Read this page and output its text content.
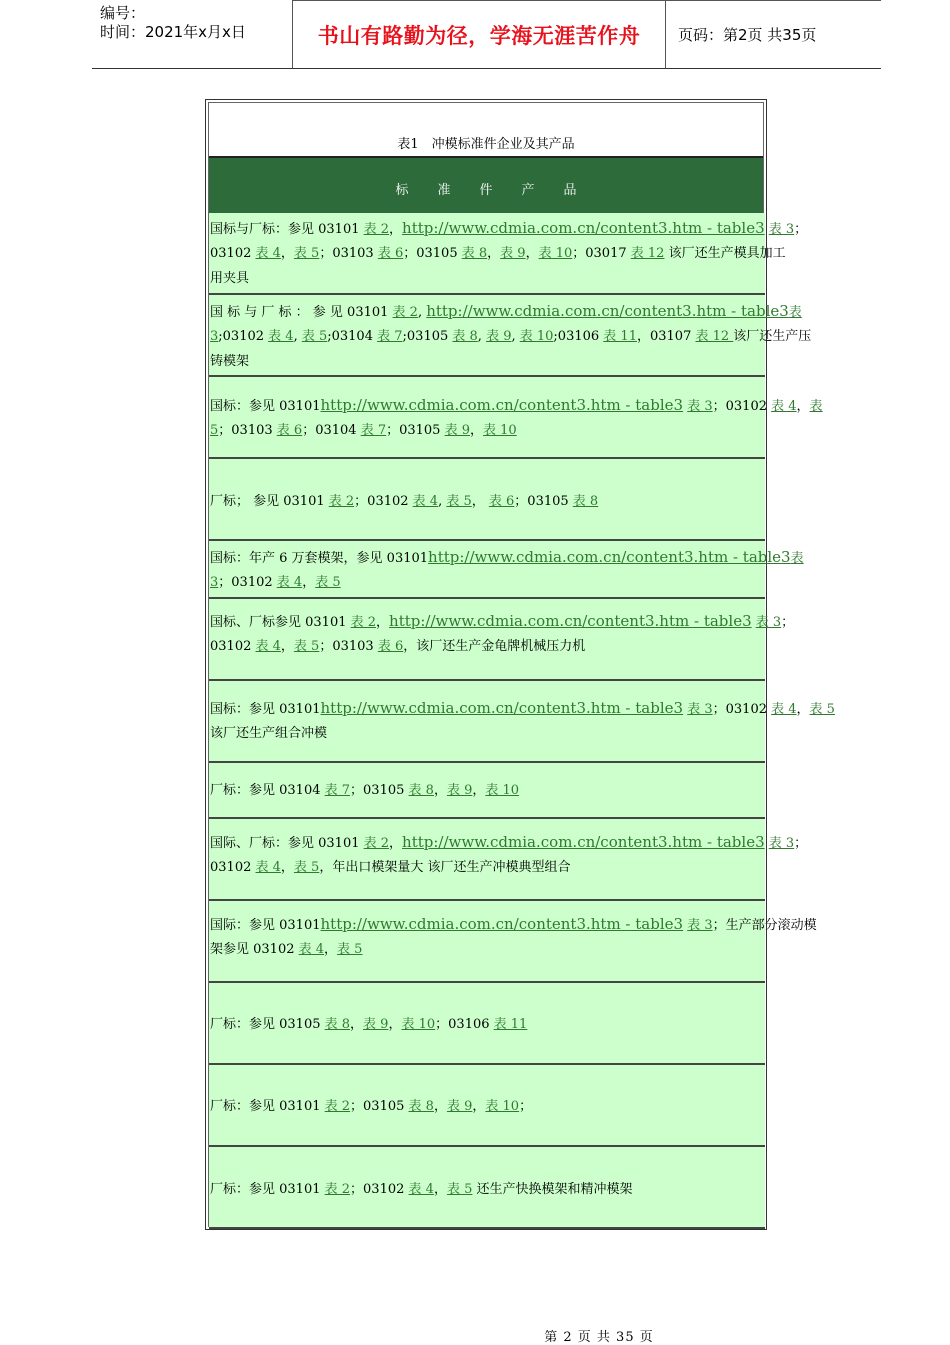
编号：
时间：2021年x月x日	书山有路勤为径，学海无涯苦作舟	页码：第2页 共35页
表1　冲模标准件企业及其产品
标准件产品
国标与厂标：参见 03101 表 2，http://www.cdmia.com.cn/content3.htm - table3 表 3；
03102 表 4，表 5；03103 表 6；03105 表 8，表 9，表 10；03017 表 12 该厂还生产模具加工
用夹具
国 标 与 厂 标 ： 参 见 03101 表 2, http://www.cdmia.com.cn/content3.htm - table3表
3;03102 表 4, 表 5;03104 表 7;03105 表 8, 表 9, 表 10;03106 表 11，03107 表 12 该厂还生产压
铸模架
国标：参见 03101http://www.cdmia.com.cn/content3.htm - table3 表 3；03102 表 4，表
5；03103 表 6；03104 表 7；03105 表 9，表 10
厂标； 参见 03101 表 2；03102 表 4, 表 5， 表 6；03105 表 8
国标：年产 6 万套模架，参见 03101http://www.cdmia.com.cn/content3.htm - table3表
3；03102 表 4，表 5
国标、厂标参见 03101 表 2，http://www.cdmia.com.cn/content3.htm - table3 表 3；
03102 表 4，表 5；03103 表 6，该厂还生产金龟牌机械压力机
国标：参见 03101http://www.cdmia.com.cn/content3.htm - table3 表 3；03102 表 4，表 5
该厂还生产组合冲模
厂标：参见 03104 表 7；03105 表 8，表 9，表 10
国际、厂标：参见 03101 表 2，http://www.cdmia.com.cn/content3.htm - table3 表 3；
03102 表 4，表 5，年出口模架量大 该厂还生产冲模典型组合
国际：参见 03101http://www.cdmia.com.cn/content3.htm - table3 表 3；生产部分滚动模
架参见 03102 表 4，表 5
厂标：参见 03105 表 8，表 9，表 10；03106 表 11
厂标：参见 03101 表 2；03105 表 8，表 9，表 10；
厂标：参见 03101 表 2；03102 表 4，表 5 还生产快换模架和精冲模架
第 2 页 共 35 页
